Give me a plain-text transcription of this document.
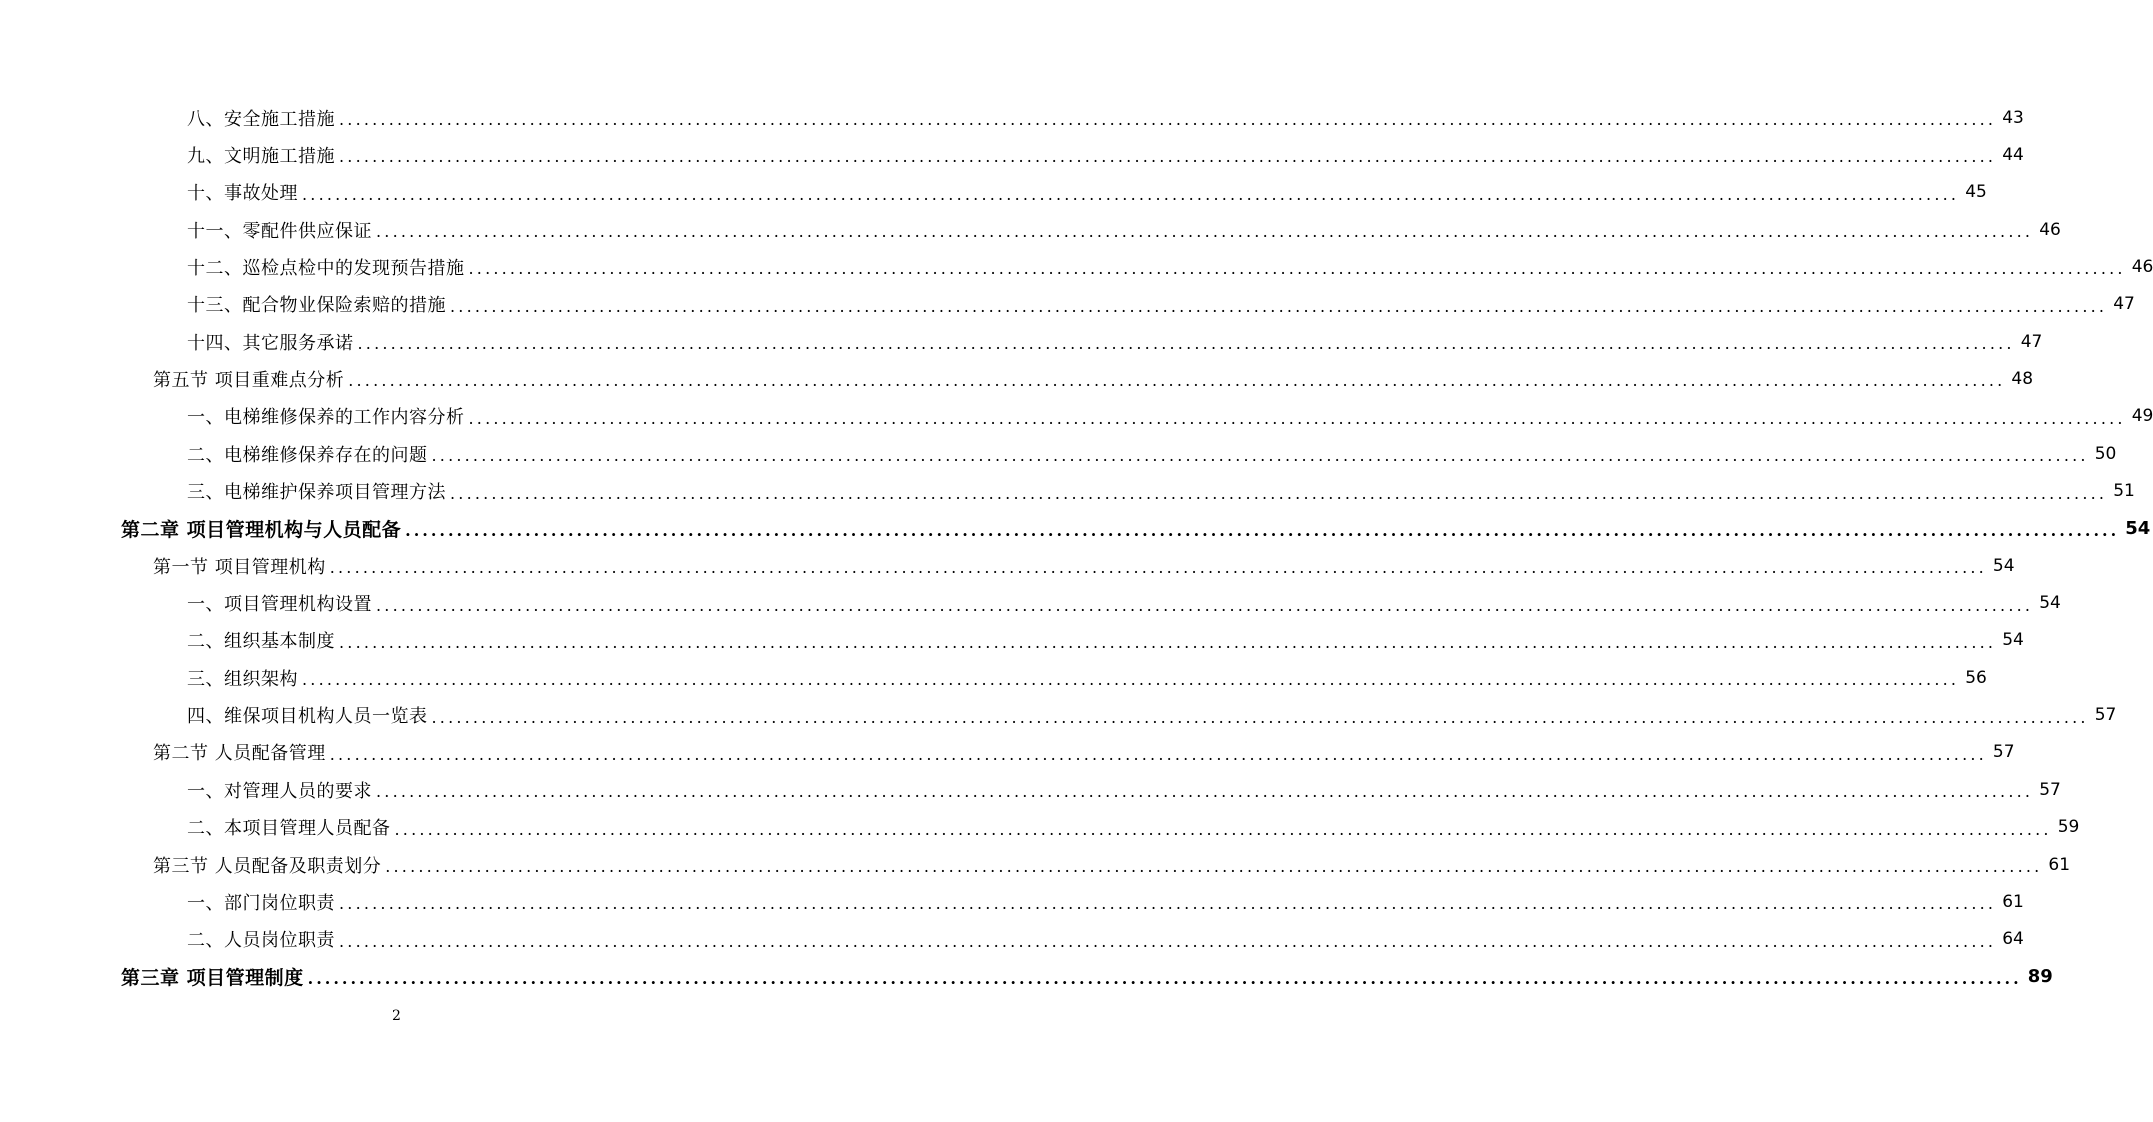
八、安全施工措施 ........................................................................................................................................................................................................ 43
九、文明施工措施 ........................................................................................................................................................................................................ 44
十、事故处理 ........................................................................................................................................................................................................ 45
十一、零配件供应保证 ........................................................................................................................................................................................................ 46
十二、巡检点检中的发现预告措施 ........................................................................................................................................................................................................ 46
十三、配合物业保险索赔的措施 ........................................................................................................................................................................................................ 47
十四、其它服务承诺 ........................................................................................................................................................................................................ 47
第五节 项目重难点分析 ........................................................................................................................................................................................................ 48
一、电梯维修保养的工作内容分析 ........................................................................................................................................................................................................ 49
二、电梯维修保养存在的问题 ........................................................................................................................................................................................................ 50
三、电梯维护保养项目管理方法 ........................................................................................................................................................................................................ 51
第二章 项目管理机构与人员配备 ........................................................................................................................................................................................................ 54
第一节 项目管理机构 ........................................................................................................................................................................................................ 54
一、项目管理机构设置 ........................................................................................................................................................................................................ 54
二、组织基本制度 ........................................................................................................................................................................................................ 54
三、组织架构 ........................................................................................................................................................................................................ 56
四、维保项目机构人员一览表 ........................................................................................................................................................................................................ 57
第二节 人员配备管理 ........................................................................................................................................................................................................ 57
一、对管理人员的要求 ........................................................................................................................................................................................................ 57
二、本项目管理人员配备 ........................................................................................................................................................................................................ 59
第三节 人员配备及职责划分 ........................................................................................................................................................................................................ 61
一、部门岗位职责 ........................................................................................................................................................................................................ 61
二、人员岗位职责 ........................................................................................................................................................................................................ 64
第三章 项目管理制度 ........................................................................................................................................................................................................ 89
2
